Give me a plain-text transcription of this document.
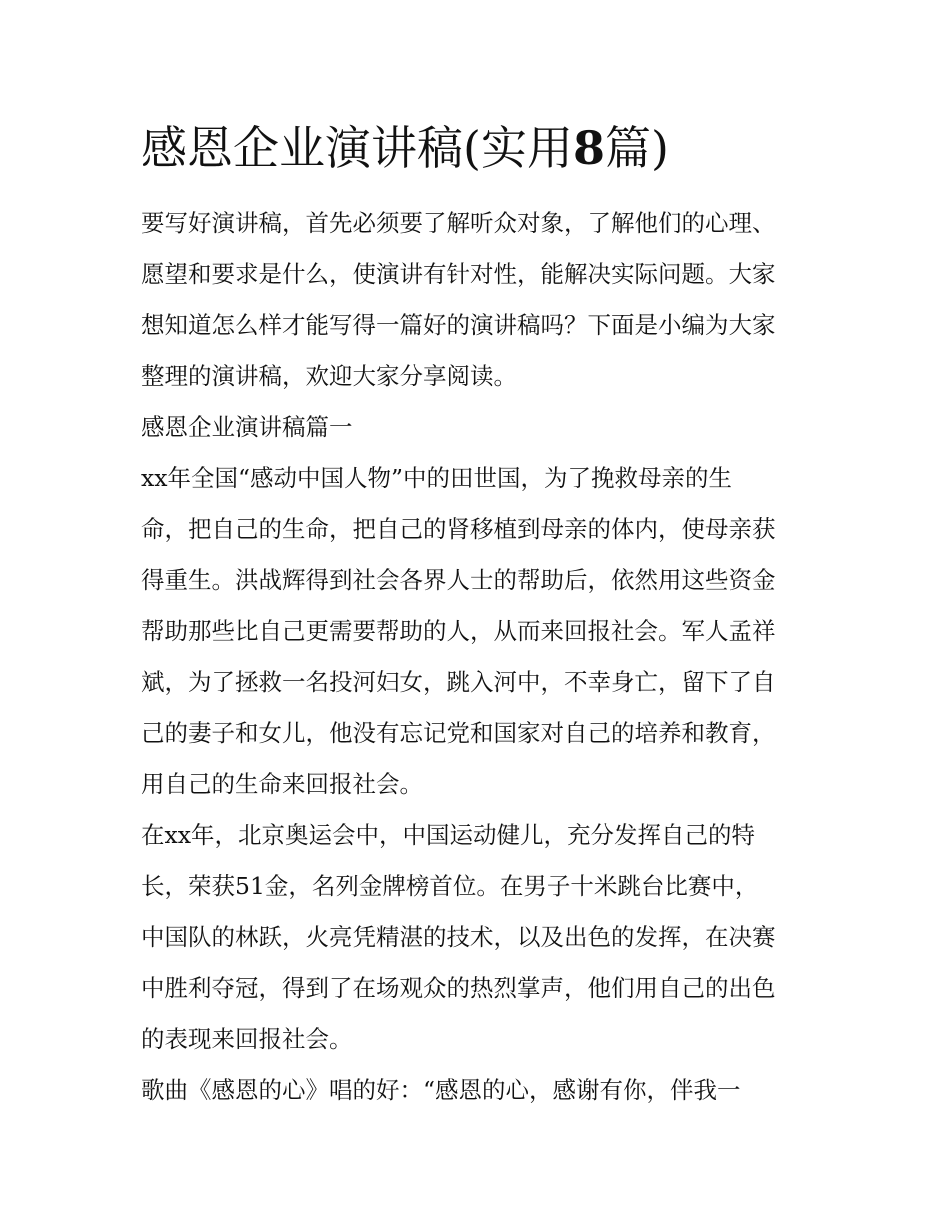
感恩企业演讲稿(实用8篇)
要写好演讲稿，首先必须要了解听众对象，了解他们的心理、
愿望和要求是什么，使演讲有针对性，能解决实际问题。大家
想知道怎么样才能写得一篇好的演讲稿吗？下面是小编为大家
整理的演讲稿，欢迎大家分享阅读。
感恩企业演讲稿篇一
xx年全国“感动中国人物”中的田世国，为了挽救母亲的生
命，把自己的生命，把自己的肾移植到母亲的体内，使母亲获
得重生。洪战辉得到社会各界人士的帮助后，依然用这些资金
帮助那些比自己更需要帮助的人，从而来回报社会。军人孟祥
斌，为了拯救一名投河妇女，跳入河中，不幸身亡，留下了自
己的妻子和女儿，他没有忘记党和国家对自己的培养和教育，
用自己的生命来回报社会。
在xx年，北京奥运会中，中国运动健儿，充分发挥自己的特
长，荣获51金，名列金牌榜首位。在男子十米跳台比赛中，
中国队的林跃，火亮凭精湛的技术，以及出色的发挥，在决赛
中胜利夺冠，得到了在场观众的热烈掌声，他们用自己的出色
的表现来回报社会。
歌曲《感恩的心》唱的好：“感恩的心，感谢有你，伴我一
